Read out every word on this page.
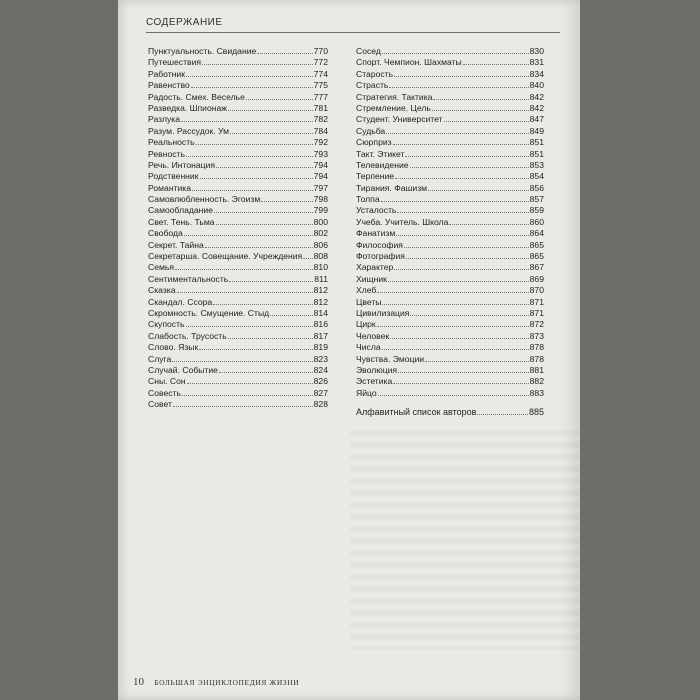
СОДЕРЖАНИЕ
Пунктуальность. Свидание	770
Путешествия	772
Работник	774
Равенство	775
Радость. Смех. Веселье	777
Разведка. Шпионаж	781
Разлука	782
Разум. Рассудок. Ум	784
Реальность	792
Ревность	793
Речь. Интонация	794
Родственник	794
Романтика	797
Самовлюбленность. Эгоизм	798
Самообладание	799
Свет. Тень. Тьма	800
Свобода	802
Секрет. Тайна	806
Секретарша. Совещание. Учреждения 808
Семья	810
Сентиментальность	811
Сказка	812
Скандал. Ссора	812
Скромность. Смущение. Стыд	814
Скупость	816
Слабость. Трусость	817
Слово. Язык	819
Слуга	823
Случай. Событие	824
Сны. Сон	826
Совесть	827
Совет	828
Сосед	830
Спорт. Чемпион. Шахматы	831
Старость	834
Страсть	840
Стратегия. Тактика	842
Стремление. Цель	842
Студент. Университет	847
Судьба	849
Сюрприз	851
Такт. Этикет	851
Телевидение	853
Терпение	854
Тирания. Фашизм	856
Толпа	857
Усталость	859
Учеба. Учитель. Школа	860
Фанатизм	864
Философия	865
Фотография	865
Характер	867
Хищник	869
Хлеб	870
Цветы	871
Цивилизация	871
Цирк	872
Человек	873
Числа	878
Чувства. Эмоции	878
Эволюция	881
Эстетика	882
Яйцо	883
Алфавитный список авторов	885
10 БОЛЬШАЯ ЭНЦИКЛОПЕДИЯ ЖИЗНИ
